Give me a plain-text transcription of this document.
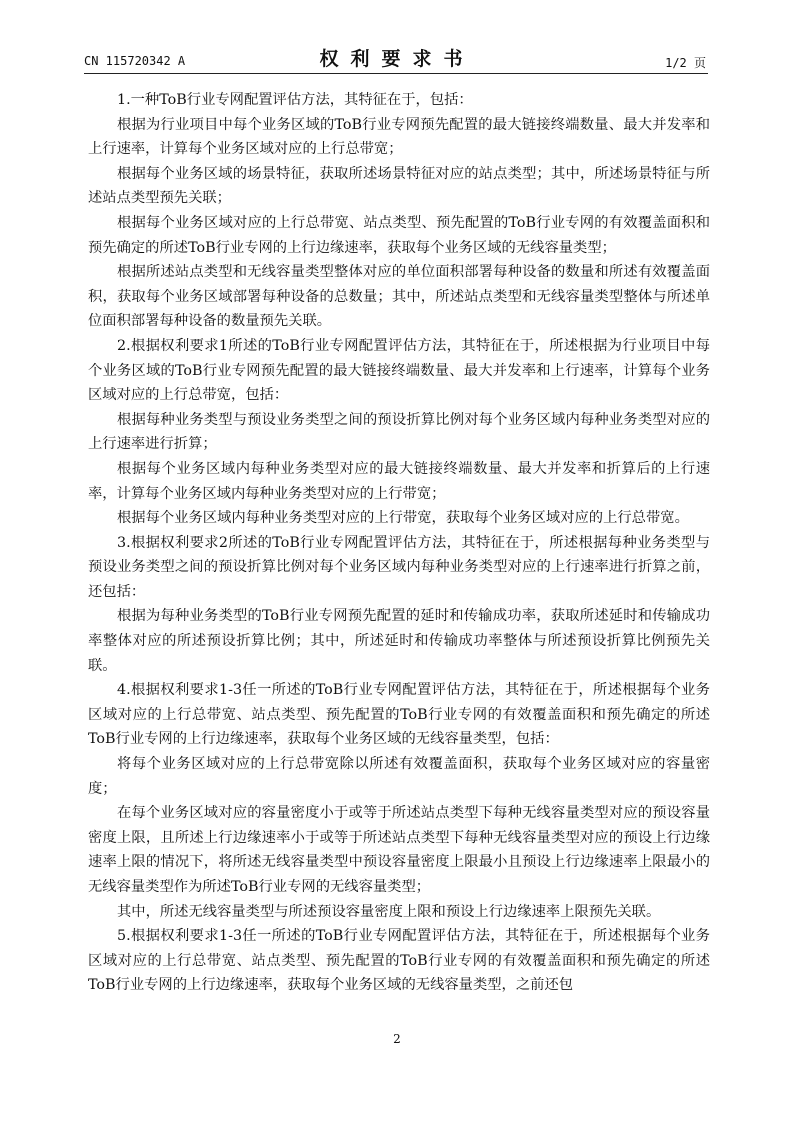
CN 115720342 A	权利要求书	1/2 页

1.一种ToB行业专网配置评估方法，其特征在于，包括：

根据为行业项目中每个业务区域的ToB行业专网预先配置的最大链接终端数量、最大并发率和上行速率，计算每个业务区域对应的上行总带宽；

根据每个业务区域的场景特征，获取所述场景特征对应的站点类型；其中，所述场景特征与所述站点类型预先关联；

根据每个业务区域对应的上行总带宽、站点类型、预先配置的ToB行业专网的有效覆盖面积和预先确定的所述ToB行业专网的上行边缘速率，获取每个业务区域的无线容量类型；

根据所述站点类型和无线容量类型整体对应的单位面积部署每种设备的数量和所述有效覆盖面积，获取每个业务区域部署每种设备的总数量；其中，所述站点类型和无线容量类型整体与所述单位面积部署每种设备的数量预先关联。

2.根据权利要求1所述的ToB行业专网配置评估方法，其特征在于，所述根据为行业项目中每个业务区域的ToB行业专网预先配置的最大链接终端数量、最大并发率和上行速率，计算每个业务区域对应的上行总带宽，包括：

根据每种业务类型与预设业务类型之间的预设折算比例对每个业务区域内每种业务类型对应的上行速率进行折算；

根据每个业务区域内每种业务类型对应的最大链接终端数量、最大并发率和折算后的上行速率，计算每个业务区域内每种业务类型对应的上行带宽；

根据每个业务区域内每种业务类型对应的上行带宽，获取每个业务区域对应的上行总带宽。

3.根据权利要求2所述的ToB行业专网配置评估方法，其特征在于，所述根据每种业务类型与预设业务类型之间的预设折算比例对每个业务区域内每种业务类型对应的上行速率进行折算之前，还包括：

根据为每种业务类型的ToB行业专网预先配置的延时和传输成功率，获取所述延时和传输成功率整体对应的所述预设折算比例；其中，所述延时和传输成功率整体与所述预设折算比例预先关联。

4.根据权利要求1-3任一所述的ToB行业专网配置评估方法，其特征在于，所述根据每个业务区域对应的上行总带宽、站点类型、预先配置的ToB行业专网的有效覆盖面积和预先确定的所述ToB行业专网的上行边缘速率，获取每个业务区域的无线容量类型，包括：

将每个业务区域对应的上行总带宽除以所述有效覆盖面积，获取每个业务区域对应的容量密度；

在每个业务区域对应的容量密度小于或等于所述站点类型下每种无线容量类型对应的预设容量密度上限，且所述上行边缘速率小于或等于所述站点类型下每种无线容量类型对应的预设上行边缘速率上限的情况下，将所述无线容量类型中预设容量密度上限最小且预设上行边缘速率上限最小的无线容量类型作为所述ToB行业专网的无线容量类型；

其中，所述无线容量类型与所述预设容量密度上限和预设上行边缘速率上限预先关联。

5.根据权利要求1-3任一所述的ToB行业专网配置评估方法，其特征在于，所述根据每个业务区域对应的上行总带宽、站点类型、预先配置的ToB行业专网的有效覆盖面积和预先确定的所述ToB行业专网的上行边缘速率，获取每个业务区域的无线容量类型，之前还包

2
